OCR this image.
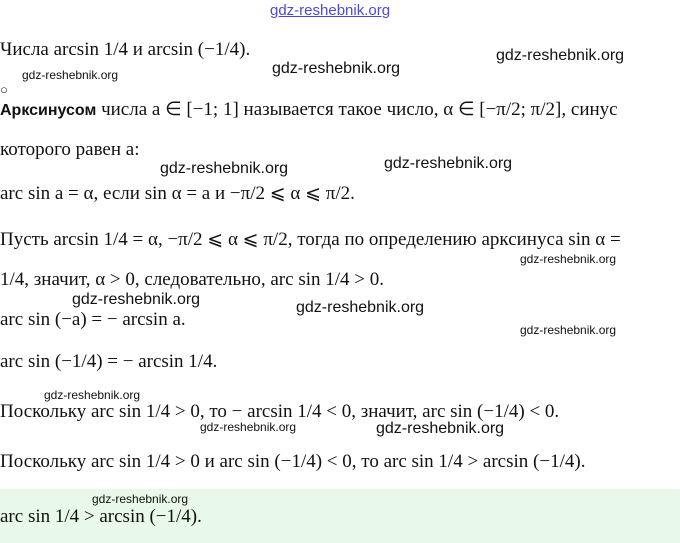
gdz-reshebnik.org
Числа arcsin 1/4 и arcsin (−1/4).
○
Арксинусом числа a ∈ [−1; 1] называется такое число, α ∈ [−π/2; π/2], синус
которого равен a:
arc sin a = α, если sin α = a и −π/2 ⩽ α ⩽ π/2.
Пусть arcsin 1/4 = α, −π/2 ⩽ α ⩽ π/2, тогда по определению арксинуса sin α =
1/4, значит, α > 0, следовательно, arc sin 1/4 > 0.
arc sin (−a) = − arcsin a.
arc sin (−1/4) = − arcsin 1/4.
Поскольку arc sin 1/4 > 0, то − arcsin 1/4 < 0, значит, arc sin (−1/4) < 0.
Поскольку arc sin 1/4 > 0 и arc sin (−1/4) < 0, то arc sin 1/4 > arcsin (−1/4).
arc sin 1/4 > arcsin (−1/4).
gdz-reshebnik.org	gdz-reshebnik.org
gdz-reshebnik.org
gdz-reshebnik.org	gdz-reshebnik.org
gdz-reshebnik.org
gdz-reshebnik.org	gdz-reshebnik.org
gdz-reshebnik.org
gdz-reshebnik.org
gdz-reshebnik.org	gdz-reshebnik.org
gdz-reshebnik.org
